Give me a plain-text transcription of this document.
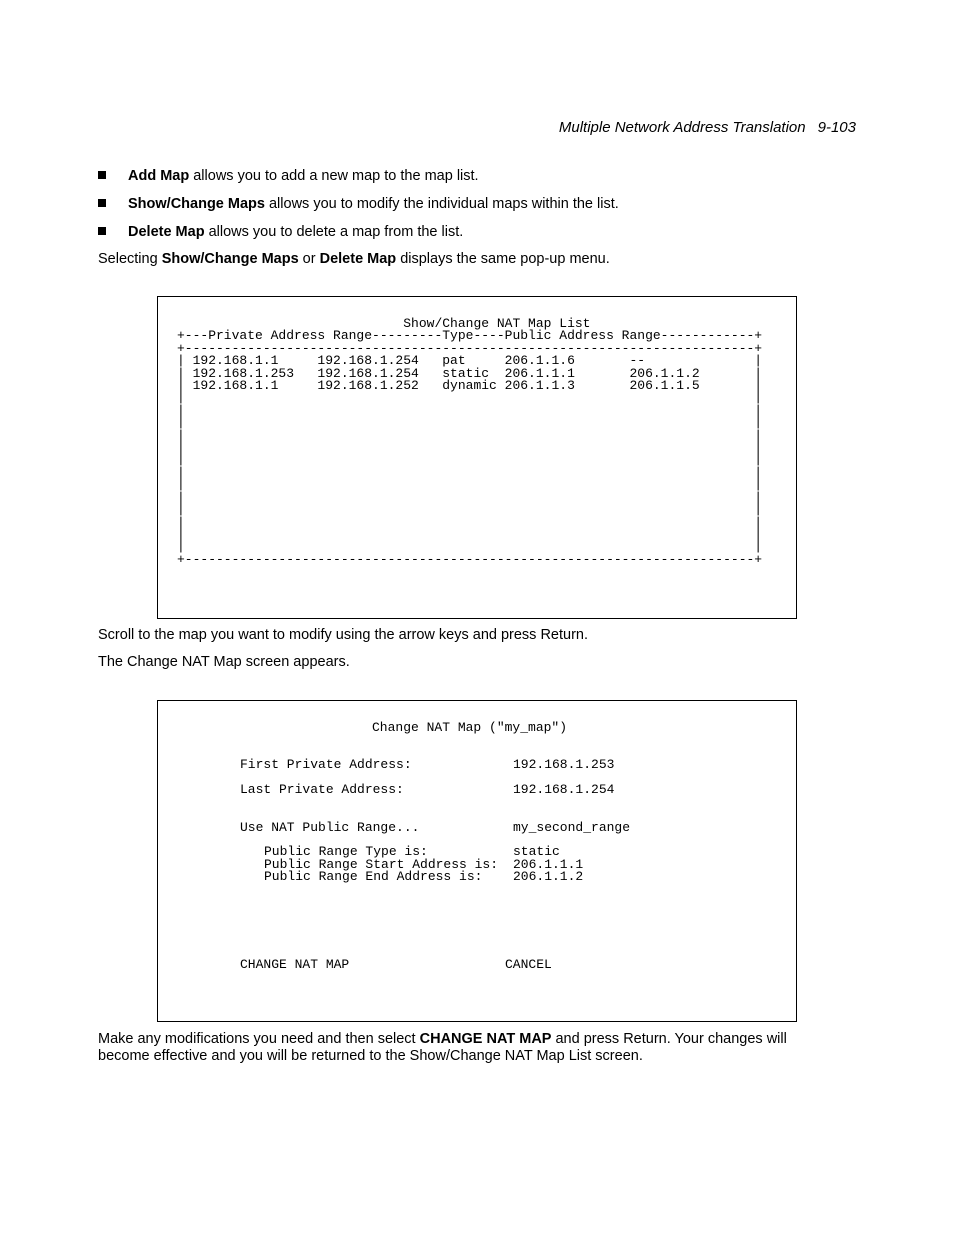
Multiple Network Address Translation 9-103
Add Map allows you to add a new map to the map list.
Show/Change Maps allows you to modify the individual maps within the list.
Delete Map allows you to delete a map from the list.
Selecting Show/Change Maps or Delete Map displays the same pop-up menu.
Show/Change NAT Map List
+---Private Address Range---------Type----Public Address Range------------+
+-------------------------------------------------------------------------+
| 192.168.1.1     192.168.1.254   pat     206.1.1.6       --              |
| 192.168.1.253   192.168.1.254   static  206.1.1.1       206.1.1.2       |
| 192.168.1.1     192.168.1.252   dynamic 206.1.1.3       206.1.1.5       |
|                                                                         |
|                                                                         |
|                                                                         |
|                                                                         |
|                                                                         |
|                                                                         |
|                                                                         |
|                                                                         |
|                                                                         |
|                                                                         |
|                                                                         |
|                                                                         |
|                                                                         |
+-------------------------------------------------------------------------+
Scroll to the map you want to modify using the arrow keys and press Return.
The Change NAT Map screen appears.
Change NAT Map ("my_map")
First Private Address:	192.168.1.253
Last Private Address:	192.168.1.254
Use NAT Public Range...	my_second_range
Public Range Type is:	static
Public Range Start Address is: 206.1.1.1
Public Range End Address is: 206.1.1.2
CHANGE NAT MAP	CANCEL
Make any modifications you need and then select CHANGE NAT MAP and press Return. Your changes will
become effective and you will be returned to the Show/Change NAT Map List screen.
